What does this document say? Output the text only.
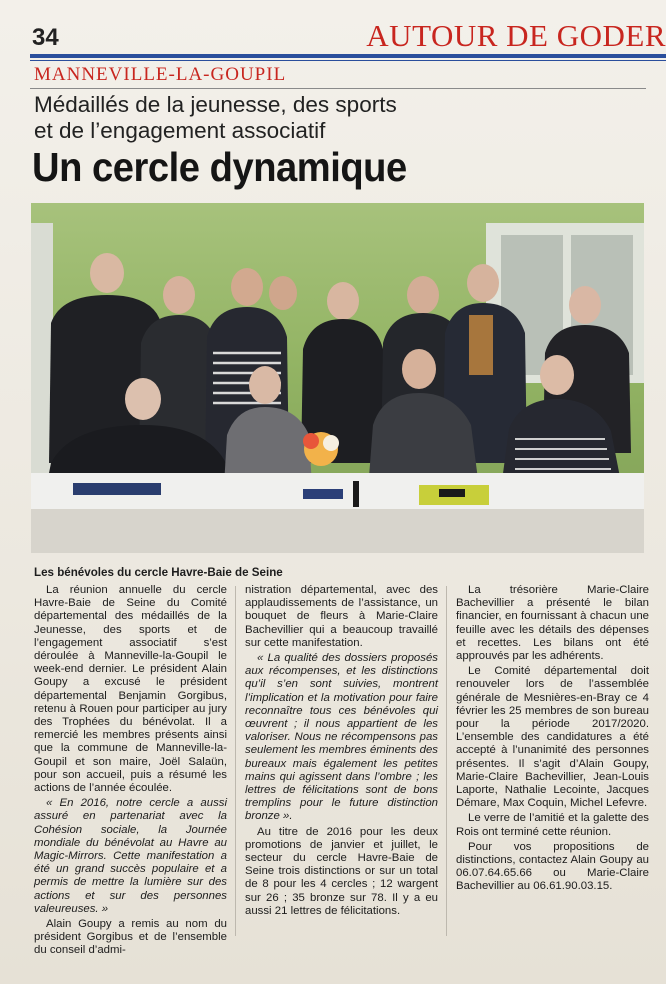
34	AUTOUR DE GODER
MANNEVILLE-LA-GOUPIL
Médaillés de la jeunesse, des sports
et de l’engagement associatif
Un cercle dynamique
Les bénévoles du cercle Havre-Baie de Seine

La réunion annuelle du cercle Havre-Baie de Seine du Comité départemental des médaillés de la Jeunesse, des sports et de l’engagement associatif s’est déroulée à Manneville-la-Goupil le week-end dernier. Le président Alain Goupy a excusé le président départemental Benjamin Gorgibus, retenu à Rouen pour participer au jury des Trophées du bénévolat. Il a remercié les membres présents ainsi que la commune de Manneville-la-Goupil et son maire, Joël Salaün, pour son accueil, puis a résumé les actions de l’année écoulée.

« En 2016, notre cercle a aussi assuré en partenariat avec la Cohésion sociale, la Journée mondiale du bénévolat au Havre au Magic-Mirrors. Cette manifestation a été un grand succès populaire et a permis de mettre la lumière sur des actions et sur des personnes valeureuses. »

Alain Goupy a remis au nom du président Gorgibus et de l’ensemble du conseil d’admi-

nistration départemental, avec des applaudissements de l’assistance, un bouquet de fleurs à Marie-Claire Bachevillier qui a beaucoup travaillé sur cette manifestation.

« La qualité des dossiers proposés aux récompenses, et les distinctions qu’il s’en sont suivies, montrent l’implication et la motivation pour faire reconnaître tous ces bénévoles qui œuvrent ; il nous appartient de les valoriser. Nous ne récompensons pas seulement les membres éminents des bureaux mais également les petites mains qui agissent dans l’ombre ; les lettres de félicitations sont de bons tremplins pour le future distinction bronze ».

Au titre de 2016 pour les deux promotions de janvier et juillet, le secteur du cercle Havre-Baie de Seine trois distinctions or sur un total de 8 pour les 4 cercles ; 12 wargent sur 26 ; 35 bronze sur 78. Il y a eu aussi 21 lettres de félicitations.

La trésorière Marie-Claire Bachevillier a présenté le bilan financier, en fournissant à chacun une feuille avec les détails des dépenses et recettes. Les bilans ont été approuvés par les adhérents.

Le Comité départemental doit renouveler lors de l’assemblée générale de Mesnières-en-Bray ce 4 février les 25 membres de son bureau pour la période 2017/2020. L’ensemble des candidatures a été accepté à l’unanimité des personnes présentes. Il s’agit d’Alain Goupy, Marie-Claire Bachevillier, Jean-Louis Laporte, Nathalie Lecointe, Jacques Démare, Max Coquin, Michel Lefevre.

Le verre de l’amitié et la galette des Rois ont terminé cette réunion.

Pour vos propositions de distinctions, contactez Alain Goupy au 06.07.64.65.66 ou Marie-Claire Bachevillier au 06.61.90.03.15.
